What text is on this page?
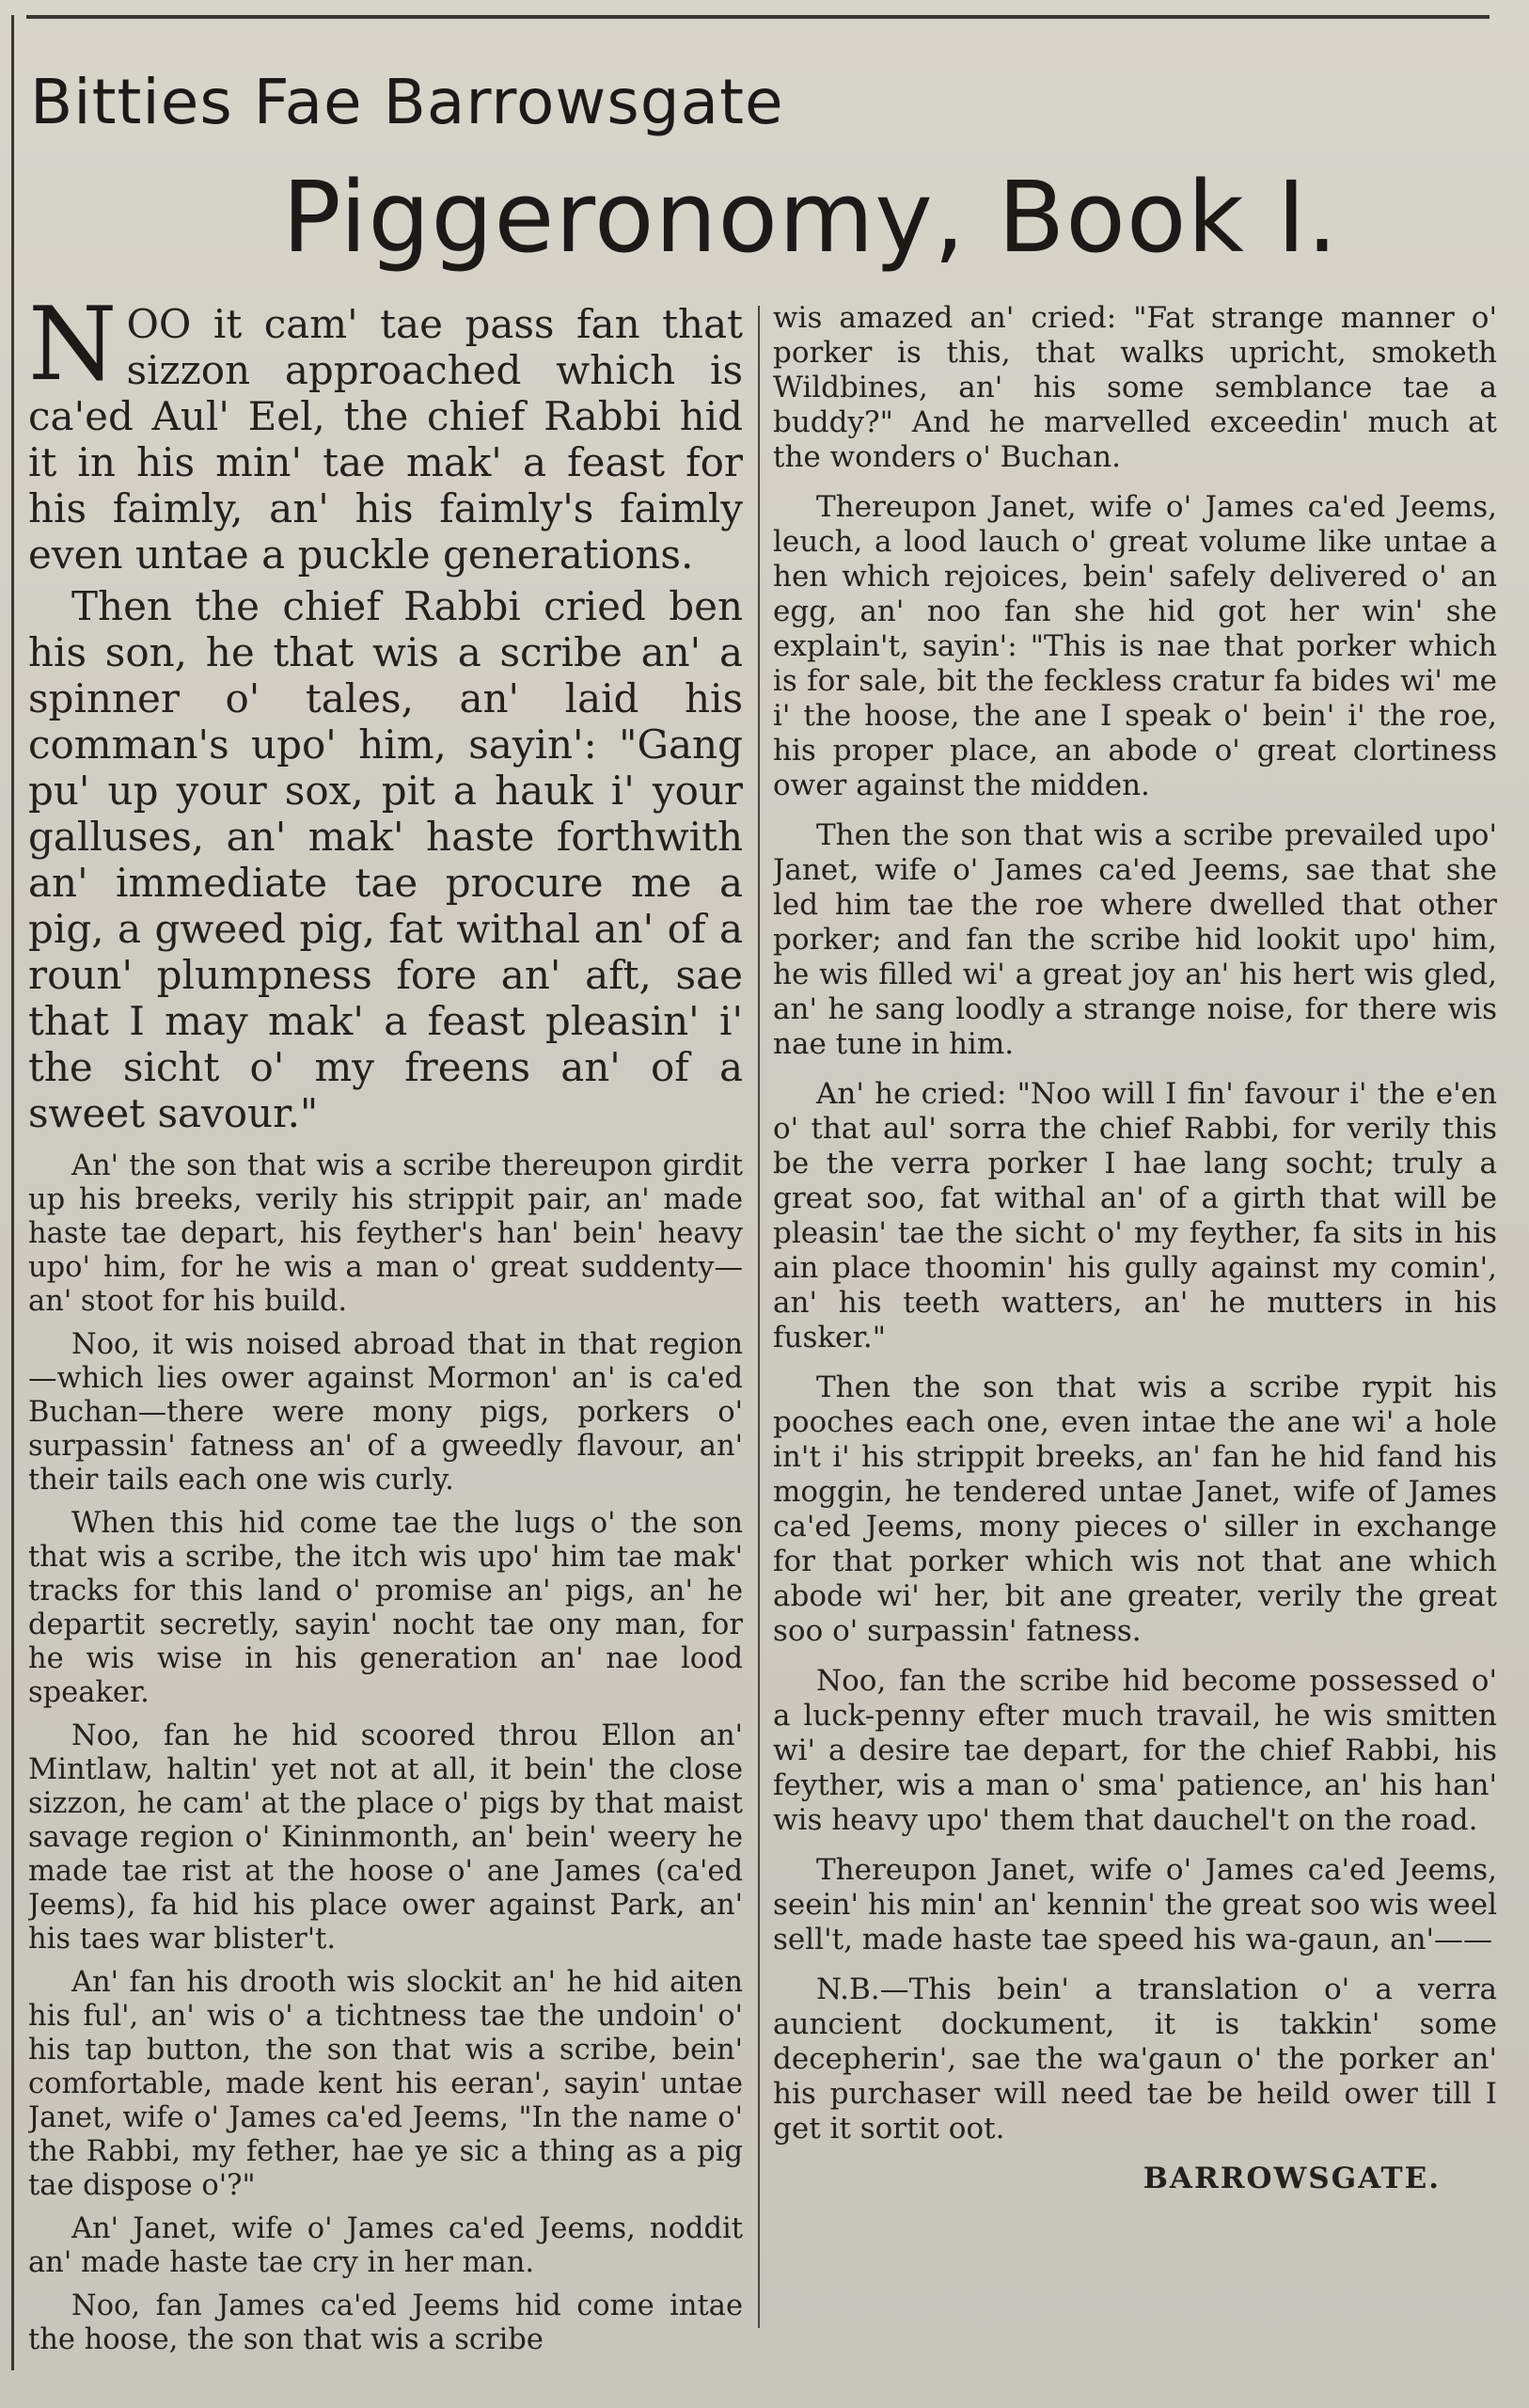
Bitties Fae Barrowsgate
Piggeronomy, Book I.

NOO it cam' tae pass fan that sizzon approached which is ca'ed Aul' Eel, the chief Rabbi hid it in his min' tae mak' a feast for his faimly, an' his faimly's faimly even untae a puckle generations.

Then the chief Rabbi cried ben his son, he that wis a scribe an' a spinner o' tales, an' laid his comman's upo' him, sayin': "Gang pu' up your sox, pit a hauk i' your galluses, an' mak' haste forthwith an' immediate tae procure me a pig, a gweed pig, fat withal an' of a roun' plumpness fore an' aft, sae that I may mak' a feast pleasin' i' the sicht o' my freens an' of a sweet savour."

An' the son that wis a scribe thereupon girdit up his breeks, verily his strippit pair, an' made haste tae depart, his feyther's han' bein' heavy upo' him, for he wis a man o' great suddenty—an' stoot for his build.

Noo, it wis noised abroad that in that region—which lies ower against Mormon' an' is ca'ed Buchan—there were mony pigs, porkers o' surpassin' fatness an' of a gweedly flavour, an' their tails each one wis curly.

When this hid come tae the lugs o' the son that wis a scribe, the itch wis upo' him tae mak' tracks for this land o' promise an' pigs, an' he departit secretly, sayin' nocht tae ony man, for he wis wise in his generation an' nae lood speaker.

Noo, fan he hid scoored throu Ellon an' Mintlaw, haltin' yet not at all, it bein' the close sizzon, he cam' at the place o' pigs by that maist savage region o' Kininmonth, an' bein' weery he made tae rist at the hoose o' ane James (ca'ed Jeems), fa hid his place ower against Park, an' his taes war blister't.

An' fan his drooth wis slockit an' he hid aiten his ful', an' wis o' a tichtness tae the undoin' o' his tap button, the son that wis a scribe, bein' comfortable, made kent his eeran', sayin' untae Janet, wife o' James ca'ed Jeems, "In the name o' the Rabbi, my fether, hae ye sic a thing as a pig tae dispose o'?"

An' Janet, wife o' James ca'ed Jeems, noddit an' made haste tae cry in her man.

Noo, fan James ca'ed Jeems hid come intae the hoose, the son that wis a scribe

wis amazed an' cried: "Fat strange manner o' porker is this, that walks upricht, smoketh Wildbines, an' his some semblance tae a buddy?" And he marvelled exceedin' much at the wonders o' Buchan.

Thereupon Janet, wife o' James ca'ed Jeems, leuch, a lood lauch o' great volume like untae a hen which rejoices, bein' safely delivered o' an egg, an' noo fan she hid got her win' she explain't, sayin': "This is nae that porker which is for sale, bit the feckless cratur fa bides wi' me i' the hoose, the ane I speak o' bein' i' the roe, his proper place, an abode o' great clortiness ower against the midden.

Then the son that wis a scribe prevailed upo' Janet, wife o' James ca'ed Jeems, sae that she led him tae the roe where dwelled that other porker; and fan the scribe hid lookit upo' him, he wis filled wi' a great joy an' his hert wis gled, an' he sang loodly a strange noise, for there wis nae tune in him.

An' he cried: "Noo will I fin' favour i' the e'en o' that aul' sorra the chief Rabbi, for verily this be the verra porker I hae lang socht; truly a great soo, fat withal an' of a girth that will be pleasin' tae the sicht o' my feyther, fa sits in his ain place thoomin' his gully against my comin', an' his teeth watters, an' he mutters in his fusker."

Then the son that wis a scribe rypit his pooches each one, even intae the ane wi' a hole in't i' his strippit breeks, an' fan he hid fand his moggin, he tendered untae Janet, wife of James ca'ed Jeems, mony pieces o' siller in exchange for that porker which wis not that ane which abode wi' her, bit ane greater, verily the great soo o' surpassin' fatness.

Noo, fan the scribe hid become possessed o' a luck-penny efter much travail, he wis smitten wi' a desire tae depart, for the chief Rabbi, his feyther, wis a man o' sma' patience, an' his han' wis heavy upo' them that dauchel't on the road.

Thereupon Janet, wife o' James ca'ed Jeems, seein' his min' an' kennin' the great soo wis weel sell't, made haste tae speed his wa-gaun, an'——

N.B.—This bein' a translation o' a verra auncient dockument, it is takkin' some decepherin', sae the wa'gaun o' the porker an' his purchaser will need tae be heild ower till I get it sortit oot.

BARROWSGATE.
